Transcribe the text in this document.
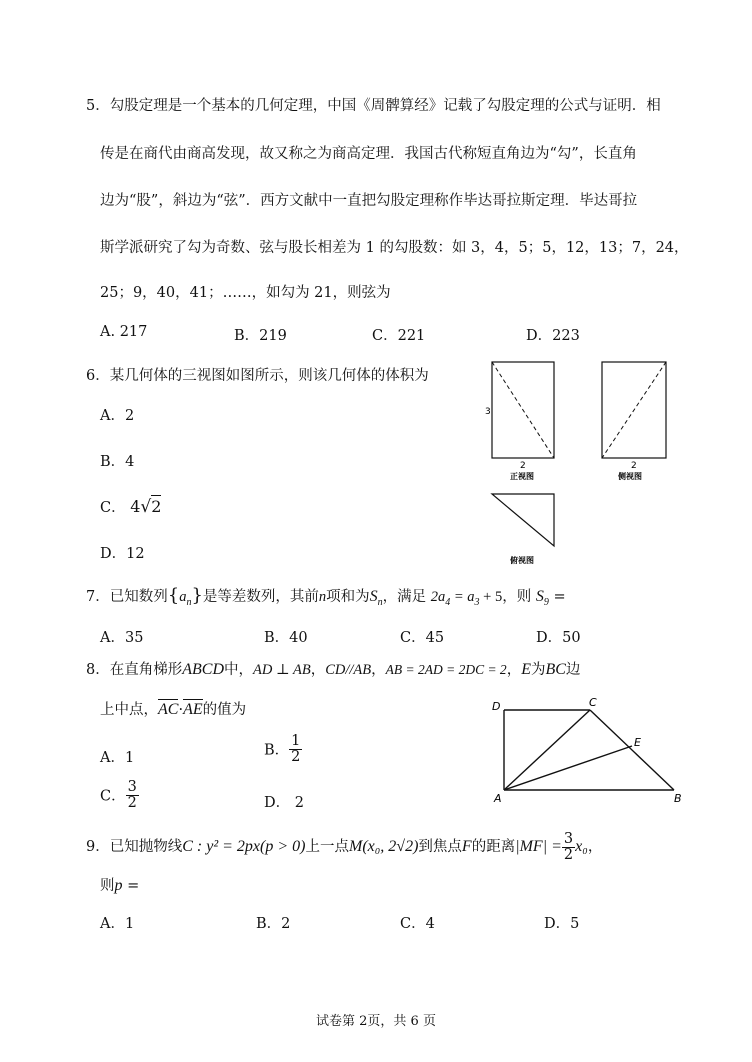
5．勾股定理是一个基本的几何定理，中国《周髀算经》记载了勾股定理的公式与证明．相
传是在商代由商高发现，故又称之为商高定理．我国古代称短直角边为“勾”，长直角
边为“股”，斜边为“弦”．西方文献中一直把勾股定理称作毕达哥拉斯定理．毕达哥拉
斯学派研究了勾为奇数、弦与股长相差为 1 的勾股数：如 3，4，5；5，12，13；7，24，
25；9，40，41；……，如勾为 21，则弦为
A. 217	B．219	C．221	D．223
6．某几何体的三视图如图所示，则该几何体的体积为
A．2
B．4
C． 4√2
D．12
3
2
正视图
2
侧视图
俯视图
7．已知数列$\{a_n\}$是等差数列，其前n项和为$S_n$，满足 $2a_4 = a_3 + 5$，则 $S_9$ =
A．35	B．40	C．45	D．50
8．在直角梯形ABCD中，AD ⊥ AB，CD//AB，AB = 2AD = 2DC = 2，E为BC边
上中点，AC·AE的值为
A．1	B． $\frac{1}{2}$
C． $\frac{3}{2}$	D． 2
D	C
E
A	B
9．已知抛物线C : y² = 2px(p > 0)上一点M(x₀, 2√2)到焦点F的距离$|MF| = \frac{3}{2} x_0$，
则p =
A．1	B．2	C．4	D．5
试卷第 2页，共 6 页
